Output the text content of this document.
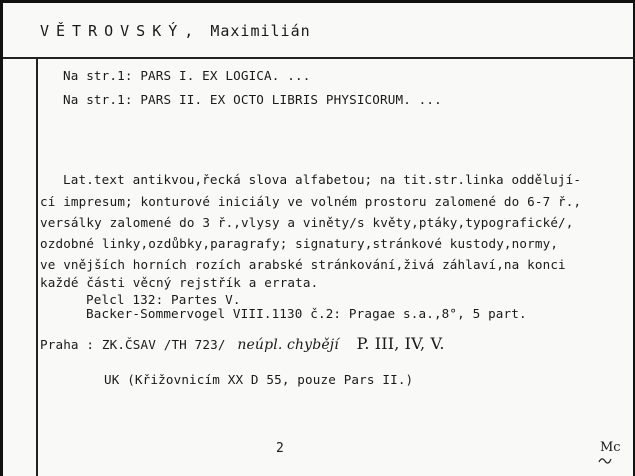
VĚTROVSKÝ, Maximilián
Na str.1: PARS I. EX LOGICA. ...
Na str.1: PARS II. EX OCTO LIBRIS PHYSICORUM. ...
Lat.text antikvou,řecká slova alfabetou; na tit.str.linka oddělují-
cí impresum; konturové iniciály ve volném prostoru zalomené do 6-7 ř.,
versálky zalomené do 3 ř.,vlysy a viněty/s květy,ptáky,typografické/,
ozdobné linky,ozdůbky,paragrafy; signatury,stránkové kustody,normy,
ve vnějších horních rozích arabské stránkování,živá záhlaví,na konci
každé části věcný rejstřík a errata.
Pelcl 132: Partes V.
Backer-Sommervogel VIII.1130 č.2: Pragae s.a.,8°, 5 part.
Praha : ZK.ČSAV /TH 723/ neúpl. chybějí P. III, IV, V.
UK (Křižovnicím XX D 55, pouze Pars II.)
2	Mc
